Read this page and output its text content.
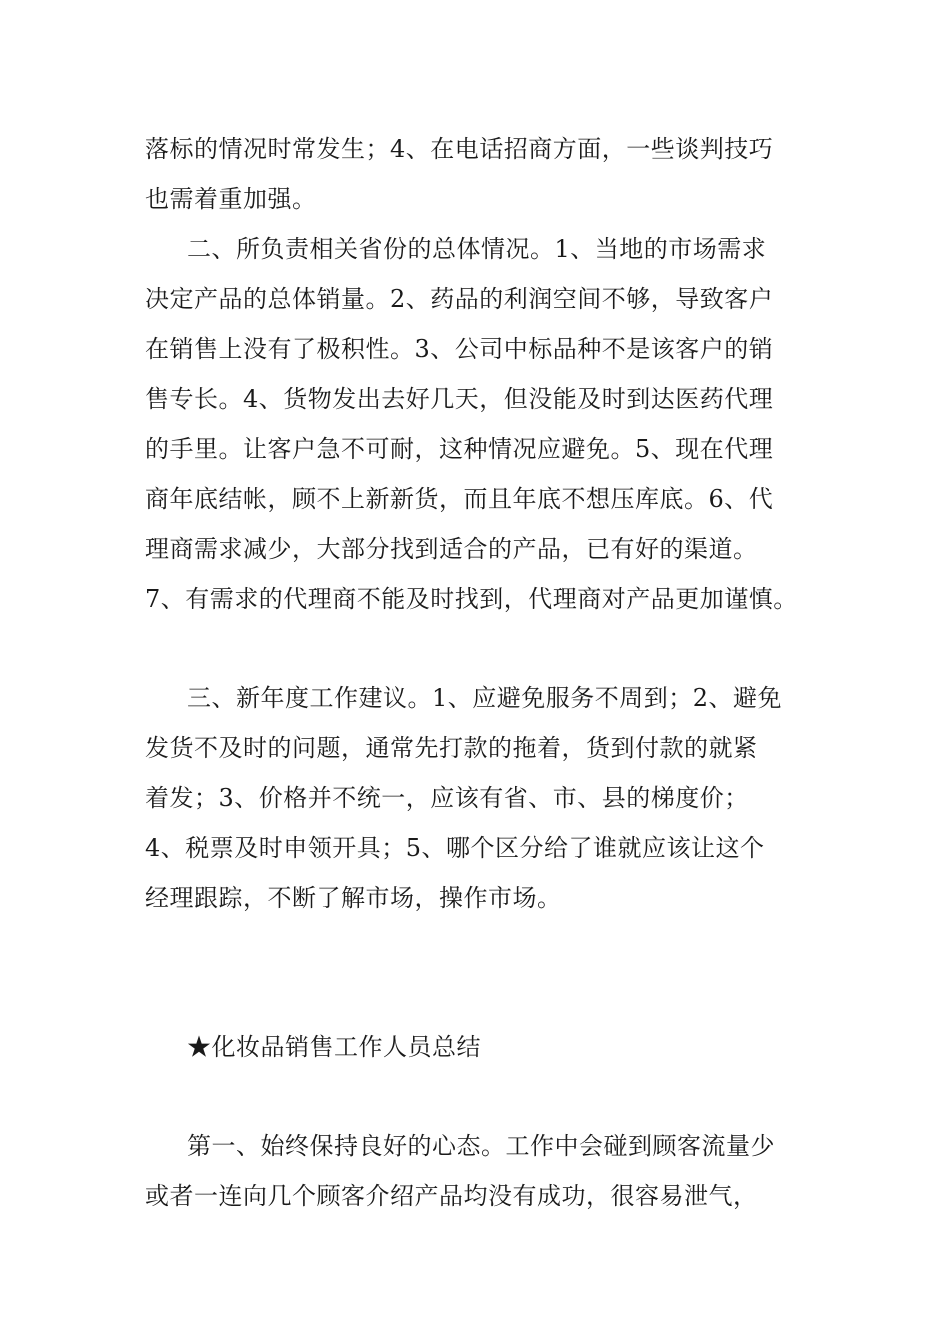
落标的情况时常发生；4、在电话招商方面，一些谈判技巧
也需着重加强。
二、所负责相关省份的总体情况。1、当地的市场需求
决定产品的总体销量。2、药品的利润空间不够，导致客户
在销售上没有了极积性。3、公司中标品种不是该客户的销
售专长。4、货物发出去好几天，但没能及时到达医药代理
的手里。让客户急不可耐，这种情况应避免。5、现在代理
商年底结帐，顾不上新新货，而且年底不想压库底。6、代
理商需求减少，大部分找到适合的产品，已有好的渠道。
7、有需求的代理商不能及时找到，代理商对产品更加谨慎。
三、新年度工作建议。1、应避免服务不周到；2、避免
发货不及时的问题，通常先打款的拖着，货到付款的就紧
着发；3、价格并不统一，应该有省、市、县的梯度价；
4、税票及时申领开具；5、哪个区分给了谁就应该让这个
经理跟踪，不断了解市场，操作市场。
★化妆品销售工作人员总结
第一、始终保持良好的心态。工作中会碰到顾客流量少
或者一连向几个顾客介绍产品均没有成功，很容易泄气，
